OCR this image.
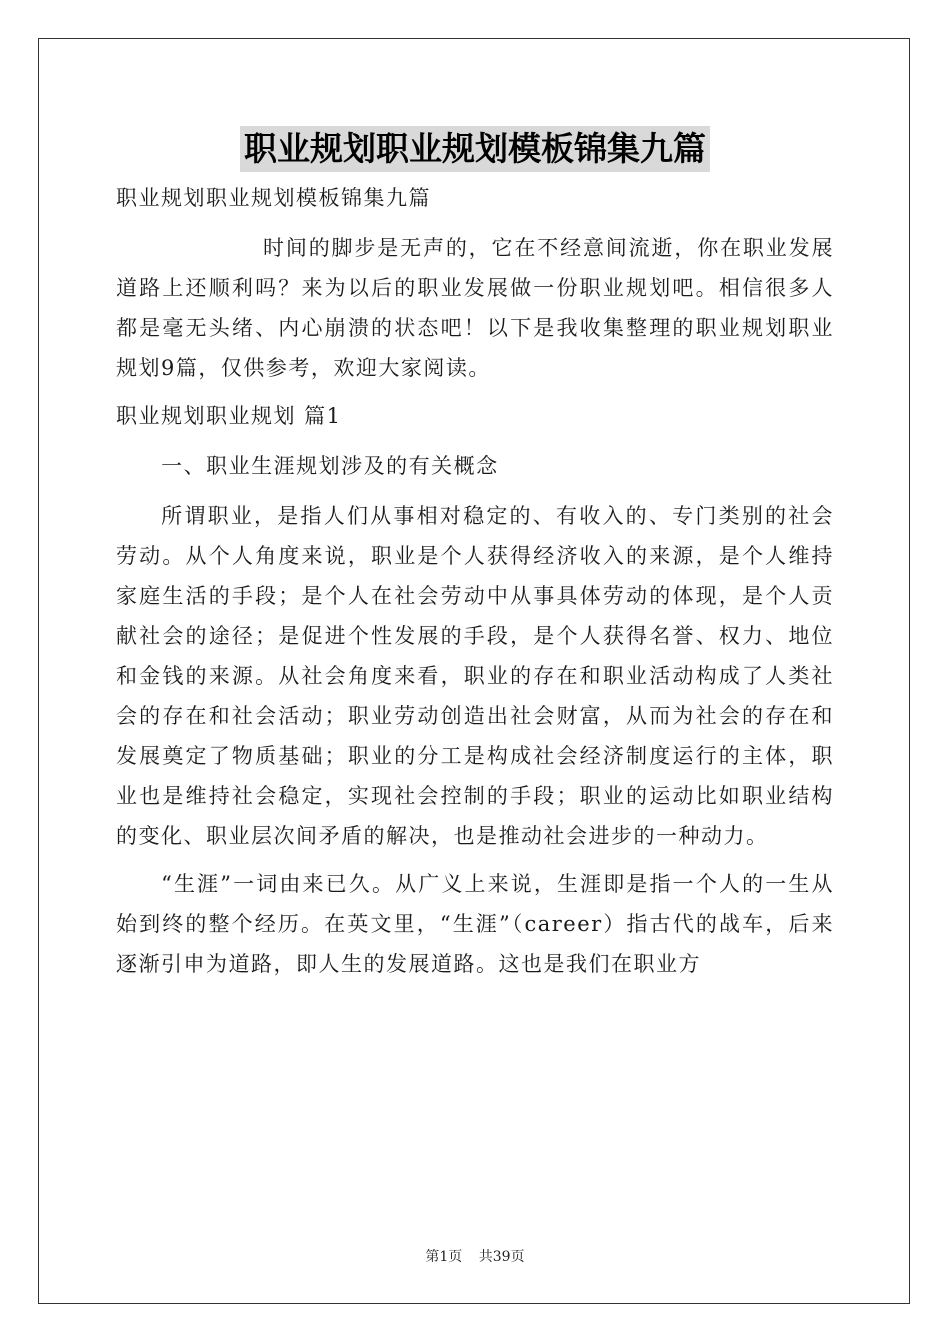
职业规划职业规划模板锦集九篇

职业规划职业规划模板锦集九篇

时间的脚步是无声的，它在不经意间流逝，你在职业发展道路上还顺利吗？来为以后的职业发展做一份职业规划吧。相信很多人都是毫无头绪、内心崩溃的状态吧！以下是我收集整理的职业规划职业规划9篇，仅供参考，欢迎大家阅读。

职业规划职业规划 篇1

一、职业生涯规划涉及的有关概念

所谓职业，是指人们从事相对稳定的、有收入的、专门类别的社会劳动。从个人角度来说，职业是个人获得经济收入的来源，是个人维持家庭生活的手段；是个人在社会劳动中从事具体劳动的体现，是个人贡献社会的途径；是促进个性发展的手段，是个人获得名誉、权力、地位和金钱的来源。从社会角度来看，职业的存在和职业活动构成了人类社会的存在和社会活动；职业劳动创造出社会财富，从而为社会的存在和发展奠定了物质基础；职业的分工是构成社会经济制度运行的主体，职业也是维持社会稳定，实现社会控制的手段；职业的运动比如职业结构的变化、职业层次间矛盾的解决，也是推动社会进步的一种动力。

“生涯”一词由来已久。从广义上来说，生涯即是指一个人的一生从始到终的整个经历。在英文里，“生涯”（career）指古代的战车，后来逐渐引申为道路，即人生的发展道路。这也是我们在职业方

第1页 共39页
